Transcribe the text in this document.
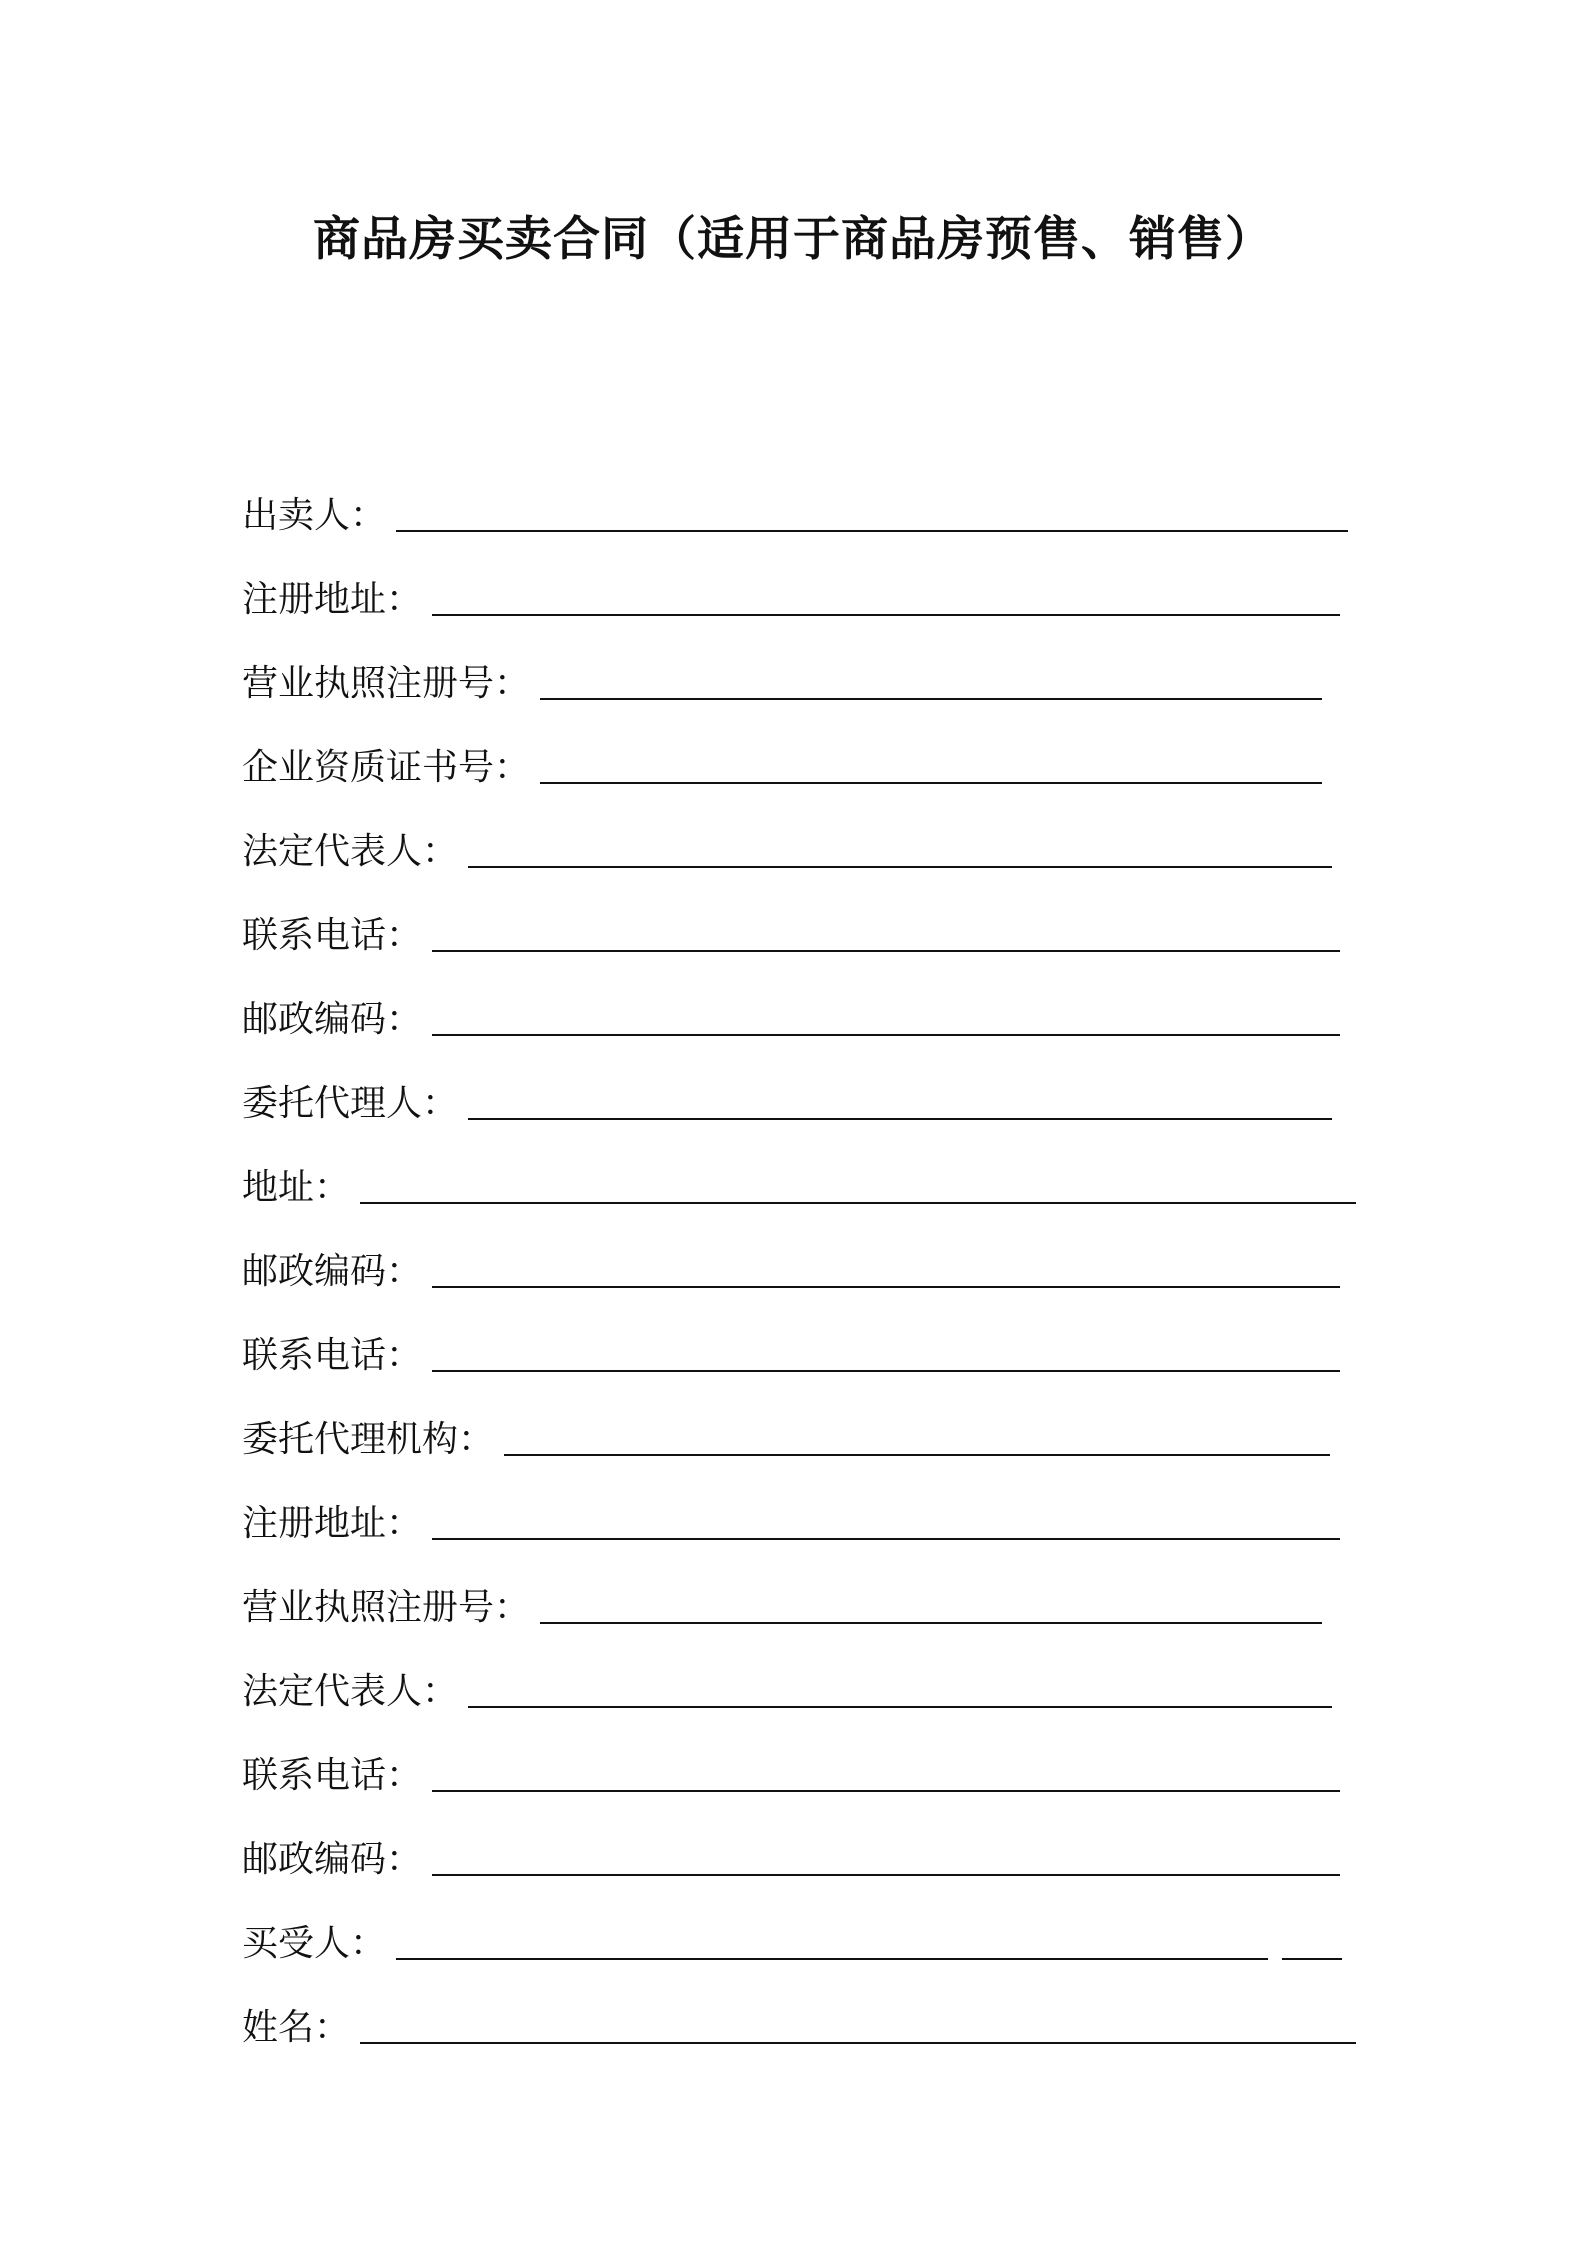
商品房买卖合同（适用于商品房预售、销售）
出卖人：
注册地址：
营业执照注册号：
企业资质证书号：
法定代表人：
联系电话：
邮政编码：
委托代理人：
地址：
邮政编码：
联系电话：
委托代理机构：
注册地址：
营业执照注册号：
法定代表人：
联系电话：
邮政编码：
买受人：
姓名：
